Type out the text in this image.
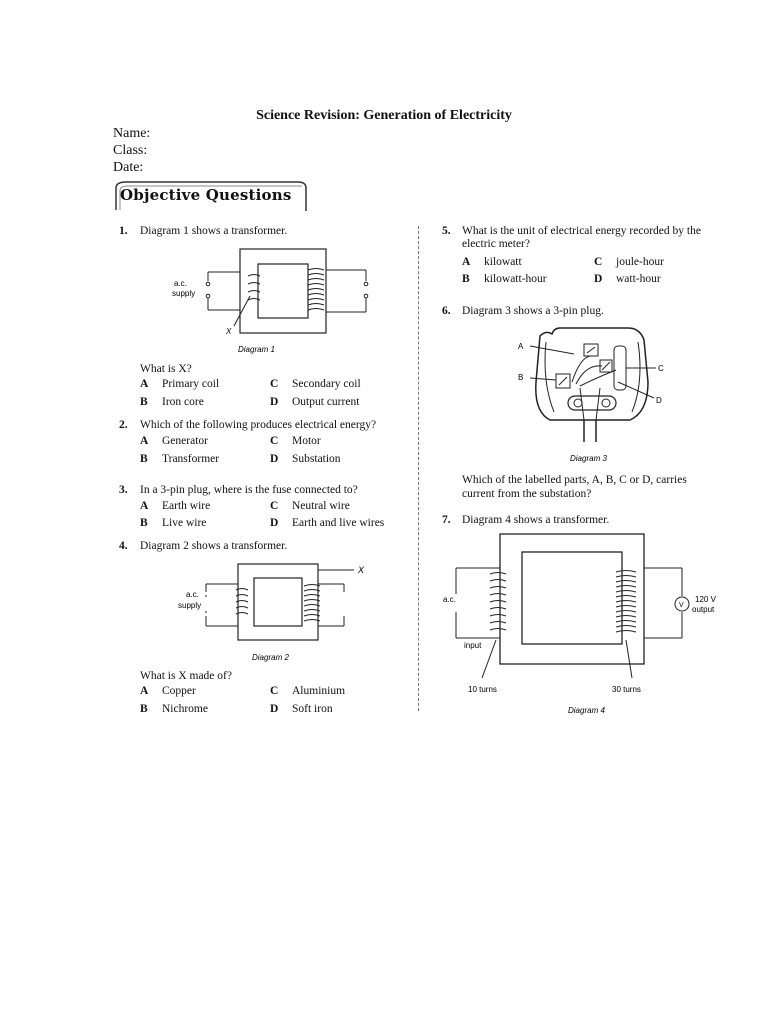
Science Revision: Generation of Electricity
Name:
Class:
Date:
Objective Questions
1. Diagram 1 shows a transformer.
a.c.
supply
X
Diagram 1
What is X?
A Primary coil	C Secondary coil
B Iron core	D Output current
2. Which of the following produces electrical energy?
A Generator	C Motor
B Transformer	D Substation
3. In a 3-pin plug, where is the fuse connected to?
A Earth wire	C Neutral wire
B Live wire	D Earth and live wires
4. Diagram 2 shows a transformer.
X
a.c.
supply
Diagram 2
What is X made of?
A Copper	C Aluminium
B Nichrome	D Soft iron
5. What is the unit of electrical energy recorded by the
electric meter?
A kilowatt	C joule-hour
B kilowatt-hour	D watt-hour
6. Diagram 3 shows a 3-pin plug.
A
B
C
D
Diagram 3
Which of the labelled parts, A, B, C or D, carries
current from the substation?
7. Diagram 4 shows a transformer.
V
a.c.
input
120 V
output
10 turns	30 turns
Diagram 4
